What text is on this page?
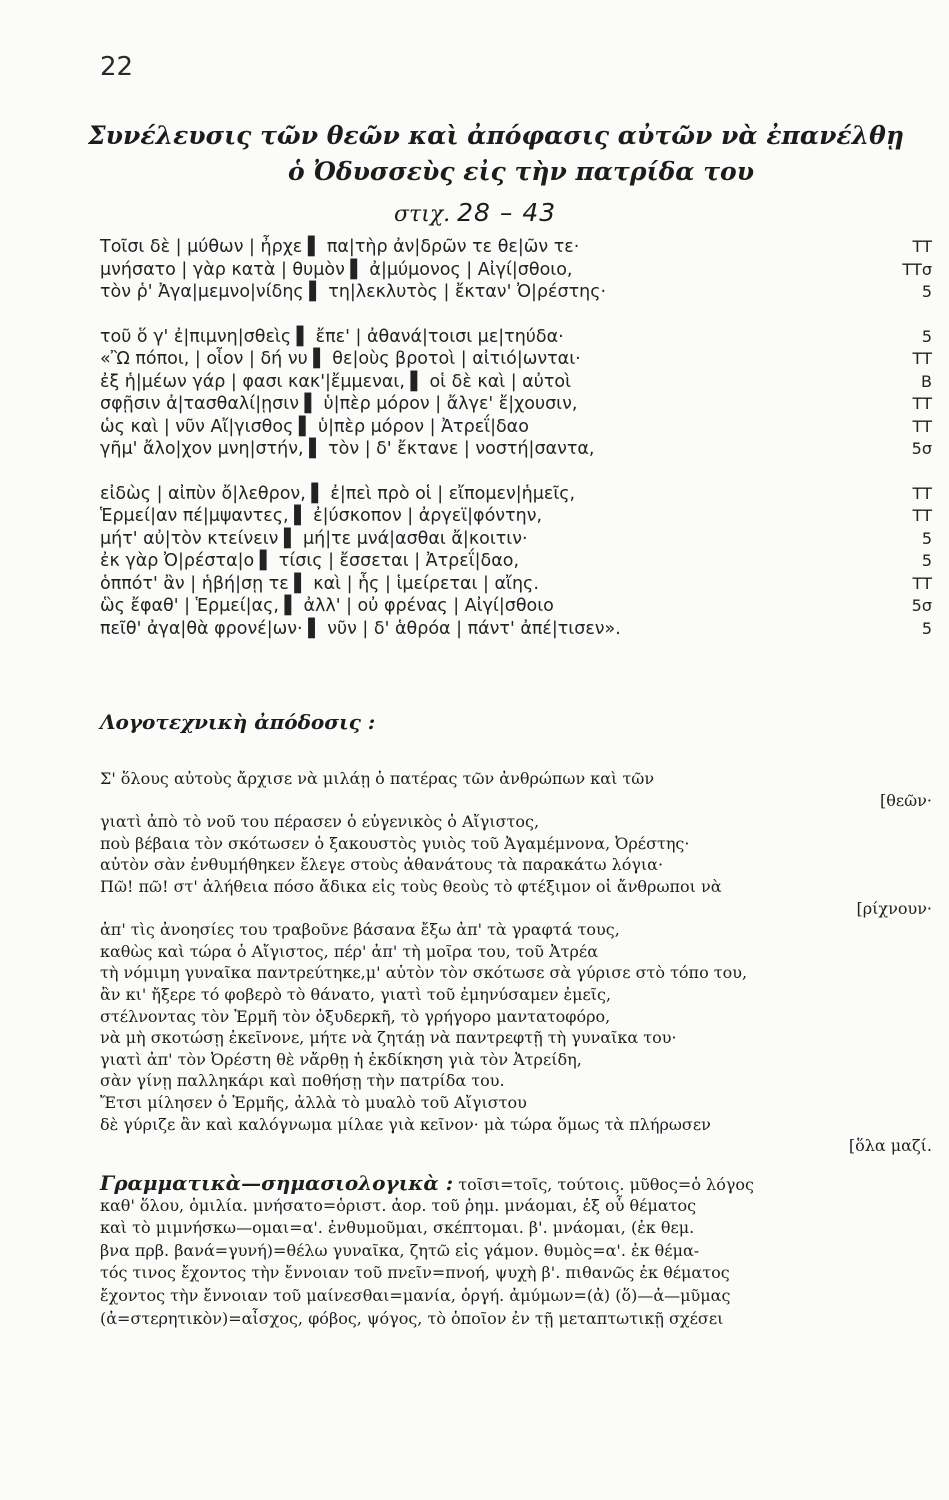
22
Συνέλευσις τῶν θεῶν καὶ ἀπόφασις αὐτῶν νὰ ἐπανέλθῃ
ὁ Ὀδυσσεὺς εἰς τὴν πατρίδα του
στιχ. 28 – 43
Τοῖσι δὲ | μύθων | ἦρχε ▌ πα|τὴρ ἀν|δρῶν τε θε|ῶν τε·	ΤΤ
μνήσατο | γὰρ κατὰ | θυμὸν ▌ ἀ|μύμονος | Αἰγί|σθοιο,	ΤΤσ
τὸν ῥ' Ἀγα|μεμνο|νίδης ▌ τη|λεκλυτὸς | ἔκταν' Ὀ|ρέστης·	5
τοῦ ὅ γ' ἐ|πιμνη|σθεὶς ▌ ἔπε' | ἀθανά|τοισι με|τηύδα·	5
«Ὢ πόποι, | οἷον | δή νυ ▌ θε|οὺς βροτοὶ | αἰτιό|ωνται·	ΤΤ
ἐξ ἡ|μέων γάρ | φασι κακ'|ἔμμεναι, ▌ οἱ δὲ καὶ | αὐτοὶ	Β
σφῇσιν ἀ|τασθαλί|ῃσιν ▌ ὑ|πὲρ μόρον | ἄλγε' ἔ|χουσιν,	ΤΤ
ὡς καὶ | νῦν Αἴ|γισθος ▌ ὑ|πὲρ μόρον | Ἀτρεΐ|δαο	ΤΤ
γῆμ' ἄλο|χον μνη|στήν, ▌ τὸν | δ' ἔκτανε | νοστή|σαντα,	5σ
εἰδὼς | αἰπὺν ὄ|λεθρον, ▌ ἐ|πεὶ πρὸ οἱ | εἴπομεν|ἡμεῖς,	ΤΤ
Ἑρμεί|αν πέ|μψαντες, ▌ ἐ|ύσκοπον | ἀργεϊ|φόντην,	ΤΤ
μήτ' αὐ|τὸν κτείνειν ▌ μή|τε μνά|ασθαι ἄ|κοιτιν·	5
ἐκ γὰρ Ὀ|ρέστα|ο ▌ τίσις | ἔσσεται | Ἀτρεΐ|δαο,	5
ὁππότ' ἂν | ἡβή|σῃ τε ▌ καὶ | ἧς | ἱμείρεται | αἴης.	ΤΤ
ὣς ἔφαθ' | Ἑρμεί|ας, ▌ ἀλλ' | οὐ φρένας | Αἰγί|σθοιο	5σ
πεῖθ' ἀγα|θὰ φρονέ|ων· ▌ νῦν | δ' ἁθρόα | πάντ' ἀπέ|τισεν».	5
Λογοτεχνικὴ ἀπόδοσις :
Σ' ὅλους αὐτοὺς ἄρχισε νὰ μιλάῃ ὁ πατέρας τῶν ἀνθρώπων καὶ τῶν
[θεῶν·
γιατὶ ἀπὸ τὸ νοῦ του πέρασεν ὁ εὐγενικὸς ὁ Αἴγιστος,
ποὺ βέβαια τὸν σκότωσεν ὁ ξακουστὸς γυιὸς τοῦ Ἀγαμέμνονα, Ὀρέστης·
αὐτὸν σὰν ἐνθυμήθηκεν ἔλεγε στοὺς ἀθανάτους τὰ παρακάτω λόγια·
Πῶ! πῶ! στ' ἀλήθεια πόσο ἄδικα εἰς τοὺς θεοὺς τὸ φτέξιμον οἱ ἄνθρωποι νὰ
[ρίχνουν·
ἀπ' τὶς ἀνοησίες του τραβοῦνε βάσανα ἔξω ἀπ' τὰ γραφτά τους,
καθὼς καὶ τώρα ὁ Αἴγιστος, πέρ' ἀπ' τὴ μοῖρα του, τοῦ Ἀτρέα
τὴ νόμιμη γυναῖκα παντρεύτηκε,μ' αὐτὸν τὸν σκότωσε σὰ γύρισε στὸ τόπο του,
ἂν κι' ἤξερε τό φοβερὸ τὸ θάνατο, γιατὶ τοῦ ἐμηνύσαμεν ἐμεῖς,
στέλνοντας τὸν Ἑρμῆ τὸν ὀξυδερκῆ, τὸ γρήγορο μαντατοφόρο,
νὰ μὴ σκοτώσῃ ἐκεῖνονε, μήτε νὰ ζητάῃ νὰ παντρεφτῇ τὴ γυναῖκα του·
γιατὶ ἀπ' τὸν Ὀρέστη θὲ νἄρθῃ ἡ ἐκδίκηση γιὰ τὸν Ἀτρείδη,
σὰν γίνῃ παλληκάρι καὶ ποθήσῃ τὴν πατρίδα του.
Ἔτσι μίλησεν ὁ Ἑρμῆς, ἀλλὰ τὸ μυαλὸ τοῦ Αἴγιστου
δὲ γύριζε ἂν καὶ καλόγνωμα μίλαε γιὰ κεῖνον· μὰ τώρα ὅμως τὰ πλήρωσεν
[ὅλα μαζί.
Γραμματικὰ—σημασιολογικὰ : τοῖσι=τοῖς, τούτοις. μῦθος=ὁ λόγος
καθ' ὅλου, ὁμιλία. μνήσατο=ὁριστ. ἀορ. τοῦ ῥημ. μνάομαι, ἐξ οὗ θέματος
καὶ τὸ μιμνήσκω—ομαι=α'. ἐνθυμοῦμαι, σκέπτομαι. β'. μνάομαι, (ἐκ θεμ.
βνα πρβ. βανά=γυνή)=θέλω γυναῖκα, ζητῶ εἰς γάμον. θυμὸς=α'. ἐκ θέμα-
τός τινος ἔχοντος τὴν ἔννοιαν τοῦ πνεῖν=πνοή, ψυχὴ β'. πιθανῶς ἐκ θέματος
ἔχοντος τὴν ἔννοιαν τοῦ μαίνεσθαι=μανία, ὀργή. ἀμύμων=(ἀ) (ὅ)—ἀ—μῦμας
(ἀ=στερητικὸν)=αἶσχος, φόβος, ψόγος, τὸ ὁποῖον ἐν τῇ μεταπτωτικῇ σχέσει
